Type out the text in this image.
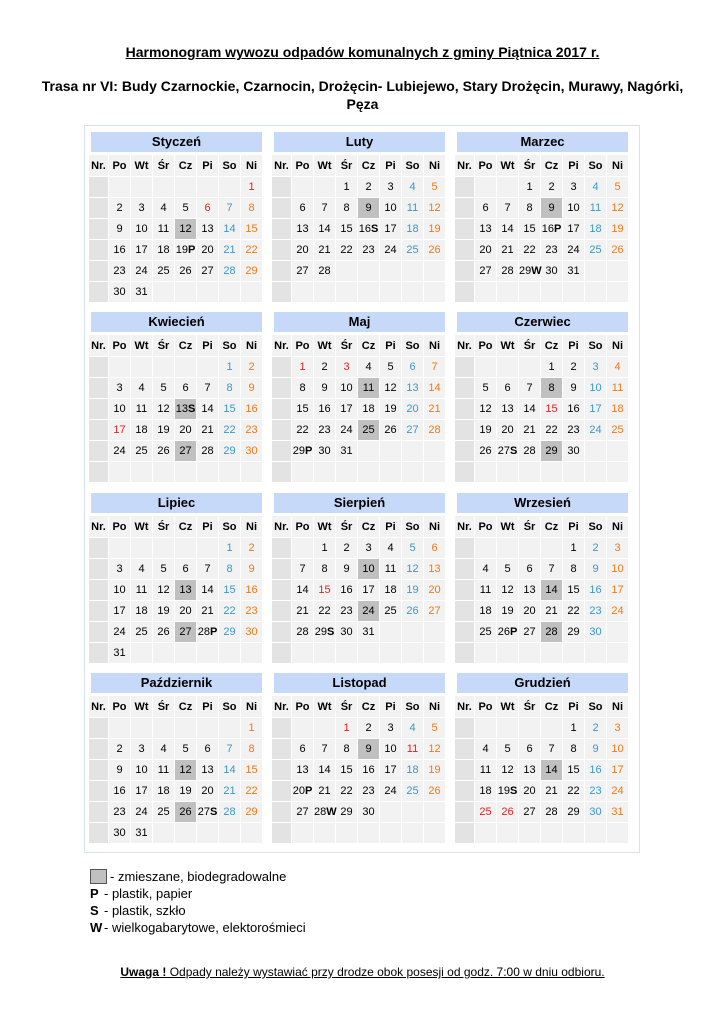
Harmonogram wywozu odpadów komunalnych z gminy Piątnica 2017 r.
Trasa nr VI: Budy Czarnockie, Czarnocin, Drożęcin- Lubiejewo, Stary Drożęcin, Murawy, Nagórki, Pęza
Styczeń
Nr.	Po	Wt	Śr	Cz	Pi	So	Ni
							1
	2	3	4	5	6	7	8
	9	10	11	12	13	14	15
	16	17	18	19P	20	21	22
	23	24	25	26	27	28	29
	30	31					
Luty
Nr.	Po	Wt	Śr	Cz	Pi	So	Ni
			1	2	3	4	5
	6	7	8	9	10	11	12
	13	14	15	16S	17	18	19
	20	21	22	23	24	25	26
	27	28					

Marzec
Nr.	Po	Wt	Śr	Cz	Pi	So	Ni
			1	2	3	4	5
	6	7	8	9	10	11	12
	13	14	15	16P	17	18	19
	20	21	22	23	24	25	26
	27	28	29W	30	31		

Kwiecień
Nr.	Po	Wt	Śr	Cz	Pi	So	Ni
						1	2
	3	4	5	6	7	8	9
	10	11	12	13S	14	15	16
	17	18	19	20	21	22	23
	24	25	26	27	28	29	30

Maj
Nr.	Po	Wt	Śr	Cz	Pi	So	Ni
	1	2	3	4	5	6	7
	8	9	10	11	12	13	14
	15	16	17	18	19	20	21
	22	23	24	25	26	27	28
	29P	30	31				

Czerwiec
Nr.	Po	Wt	Śr	Cz	Pi	So	Ni
				1	2	3	4
	5	6	7	8	9	10	11
	12	13	14	15	16	17	18
	19	20	21	22	23	24	25
	26	27S	28	29	30		

Lipiec
Nr.	Po	Wt	Śr	Cz	Pi	So	Ni
						1	2
	3	4	5	6	7	8	9
	10	11	12	13	14	15	16
	17	18	19	20	21	22	23
	24	25	26	27	28P	29	30
	31						
Sierpień
Nr.	Po	Wt	Śr	Cz	Pi	So	Ni
		1	2	3	4	5	6
	7	8	9	10	11	12	13
	14	15	16	17	18	19	20
	21	22	23	24	25	26	27
	28	29S	30	31			

Wrzesień
Nr.	Po	Wt	Śr	Cz	Pi	So	Ni
					1	2	3
	4	5	6	7	8	9	10
	11	12	13	14	15	16	17
	18	19	20	21	22	23	24
	25	26P	27	28	29	30	

Październik
Nr.	Po	Wt	Śr	Cz	Pi	So	Ni
							1
	2	3	4	5	6	7	8
	9	10	11	12	13	14	15
	16	17	18	19	20	21	22
	23	24	25	26	27S	28	29
	30	31					
Listopad
Nr.	Po	Wt	Śr	Cz	Pi	So	Ni
			1	2	3	4	5
	6	7	8	9	10	11	12
	13	14	15	16	17	18	19
	20P	21	22	23	24	25	26
	27	28W	29	30			

Grudzień
Nr.	Po	Wt	Śr	Cz	Pi	So	Ni
					1	2	3
	4	5	6	7	8	9	10
	11	12	13	14	15	16	17
	18	19S	20	21	22	23	24
	25	26	27	28	29	30	31

- zmieszane, biodegradowalne
P - plastik, papier
S - plastik, szkło
W - wielkogabarytowe, elektorośmieci
Uwaga ! Odpady należy wystawiać przy drodze obok posesji od godz. 7:00 w dniu odbioru.
